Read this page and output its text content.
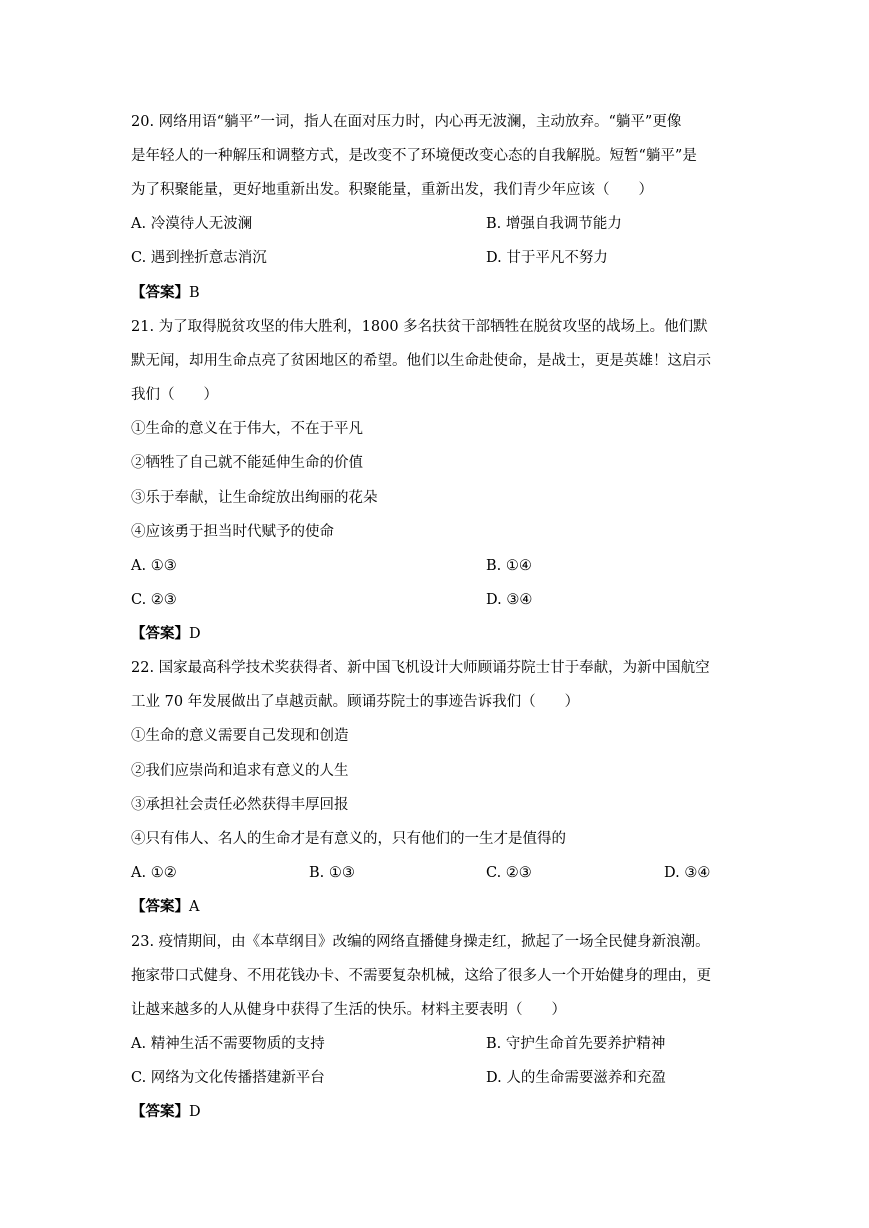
20. 网络用语“躺平”一词，指人在面对压力时，内心再无波澜，主动放弃。“躺平”更像
是年轻人的一种解压和调整方式，是改变不了环境便改变心态的自我解脱。短暂“躺平”是
为了积聚能量，更好地重新出发。积聚能量，重新出发，我们青少年应该（　　）
A. 冷漠待人无波澜	B. 增强自我调节能力
C. 遇到挫折意志消沉	D. 甘于平凡不努力
【答案】B
21. 为了取得脱贫攻坚的伟大胜利，1800 多名扶贫干部牺牲在脱贫攻坚的战场上。他们默
默无闻，却用生命点亮了贫困地区的希望。他们以生命赴使命，是战士，更是英雄！这启示
我们（　　）
①生命的意义在于伟大，不在于平凡
②牺牲了自己就不能延伸生命的价值
③乐于奉献，让生命绽放出绚丽的花朵
④应该勇于担当时代赋予的使命
A. ①③	B. ①④
C. ②③	D. ③④
【答案】D
22. 国家最高科学技术奖获得者、新中国飞机设计大师顾诵芬院士甘于奉献，为新中国航空
工业 70 年发展做出了卓越贡献。顾诵芬院士的事迹告诉我们（　　）
①生命的意义需要自己发现和创造
②我们应崇尚和追求有意义的人生
③承担社会责任必然获得丰厚回报
④只有伟人、名人的生命才是有意义的，只有他们的一生才是值得的
A. ①②	B. ①③	C. ②③	D. ③④
【答案】A
23. 疫情期间，由《本草纲目》改编的网络直播健身操走红，掀起了一场全民健身新浪潮。
拖家带口式健身、不用花钱办卡、不需要复杂机械，这给了很多人一个开始健身的理由，更
让越来越多的人从健身中获得了生活的快乐。材料主要表明（　　）
A. 精神生活不需要物质的支持	B. 守护生命首先要养护精神
C. 网络为文化传播搭建新平台	D. 人的生命需要滋养和充盈
【答案】D
